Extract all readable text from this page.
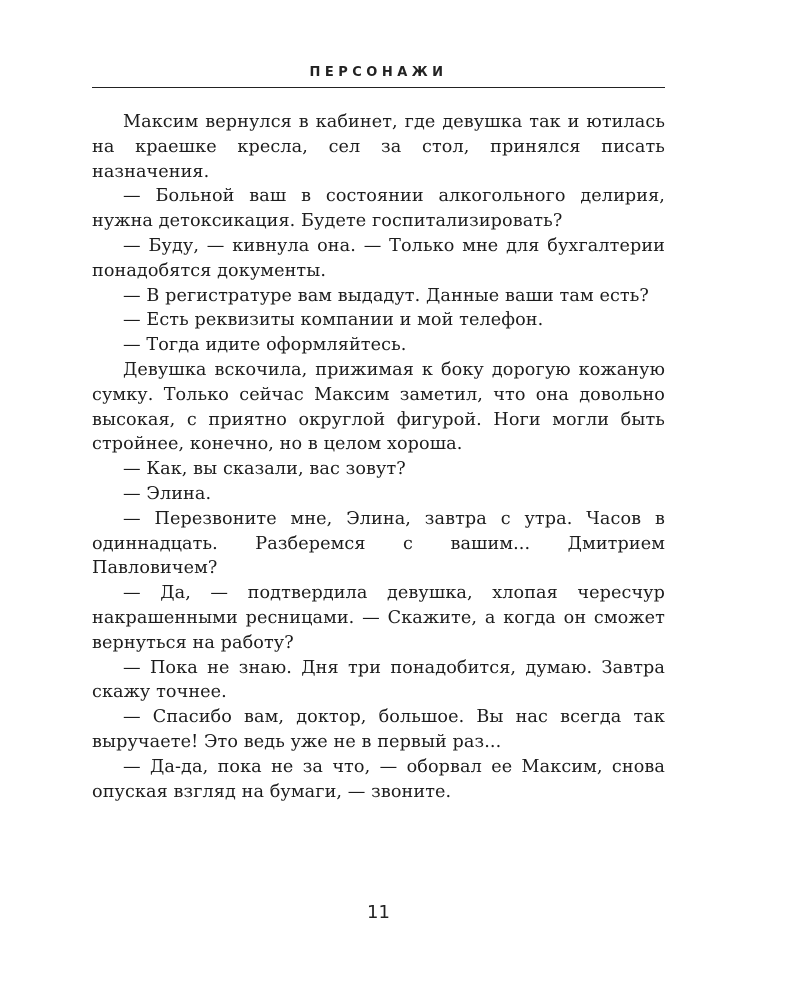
ПЕРСОНАЖИ

Максим вернулся в кабинет, где девушка так и ютилась на краешке кресла, сел за стол, принялся писать назначения.

— Больной ваш в состоянии алкогольного делирия, нужна детоксикация. Будете госпитализировать?

— Буду, — кивнула она. — Только мне для бухгалтерии понадобятся документы.

— В регистратуре вам выдадут. Данные ваши там есть?

— Есть реквизиты компании и мой телефон.

— Тогда идите оформляйтесь.

Девушка вскочила, прижимая к боку дорогую кожаную сумку. Только сейчас Максим заметил, что она довольно высокая, с приятно округлой фигурой. Ноги могли быть стройнее, конечно, но в целом хороша.

— Как, вы сказали, вас зовут?

— Элина.

— Перезвоните мне, Элина, завтра с утра. Часов в одиннадцать. Разберемся с вашим... Дмитрием Павловичем?

— Да, — подтвердила девушка, хлопая чересчур накрашенными ресницами. — Скажите, а когда он сможет вернуться на работу?

— Пока не знаю. Дня три понадобится, думаю. Завтра скажу точнее.

— Спасибо вам, доктор, большое. Вы нас всегда так выручаете! Это ведь уже не в первый раз...

— Да-да, пока не за что, — оборвал ее Максим, снова опуская взгляд на бумаги, — звоните.

11
